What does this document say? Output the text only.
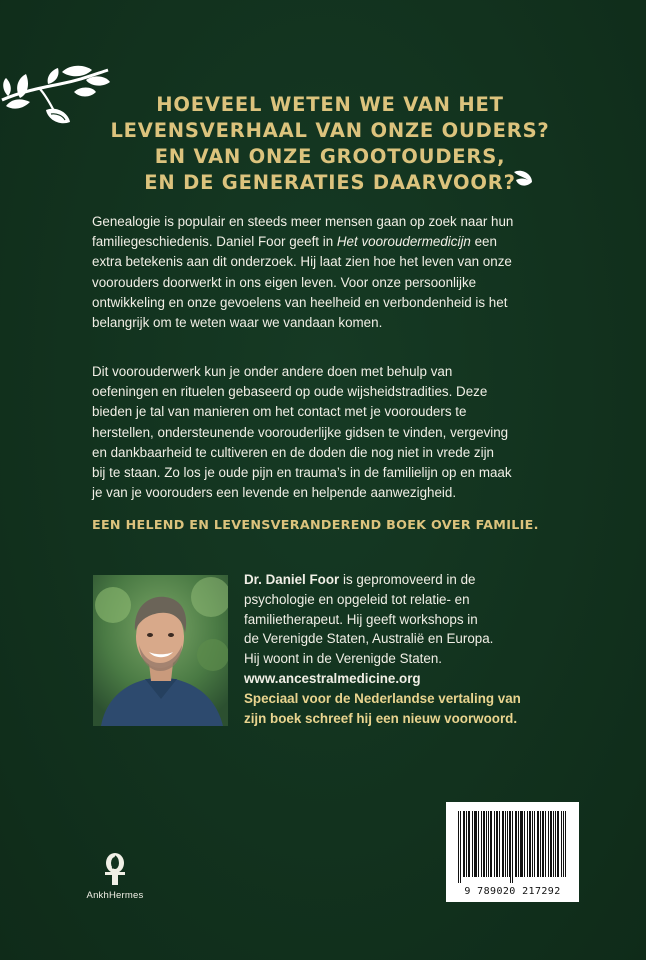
HOEVEEL WETEN WE VAN HET
LEVENSVERHAAL VAN ONZE OUDERS?
EN VAN ONZE GROOTOUDERS,
EN DE GENERATIES DAARVOOR?

Genealogie is populair en steeds meer mensen gaan op zoek naar hun
familiegeschiedenis. Daniel Foor geeft in Het vooroudermedicijn een
extra betekenis aan dit onderzoek. Hij laat zien hoe het leven van onze
voorouders doorwerkt in ons eigen leven. Voor onze persoonlijke
ontwikkeling en onze gevoelens van heelheid en verbondenheid is het
belangrijk om te weten waar we vandaan komen.

Dit voorouderwerk kun je onder andere doen met behulp van
oefeningen en rituelen gebaseerd op oude wijsheidstradities. Deze
bieden je tal van manieren om het contact met je voorouders te
herstellen, ondersteunende voorouderlijke gidsen te vinden, vergeving
en dankbaarheid te cultiveren en de doden die nog niet in vrede zijn
bij te staan. Zo los je oude pijn en trauma’s in de familielijn op en maak
je van je voorouders een levende en helpende aanwezigheid.

EEN HELEND EN LEVENSVERANDEREND BOEK OVER FAMILIE.

Dr. Daniel Foor is gepromoveerd in de
psychologie en opgeleid tot relatie- en
familietherapeut. Hij geeft workshops in
de Verenigde Staten, Australië en Europa.
Hij woont in de Verenigde Staten.
www.ancestralmedicine.org
Speciaal voor de Nederlandse vertaling van
zijn boek schreef hij een nieuw voorwoord.

AnkhHermes	9 789020 217292
